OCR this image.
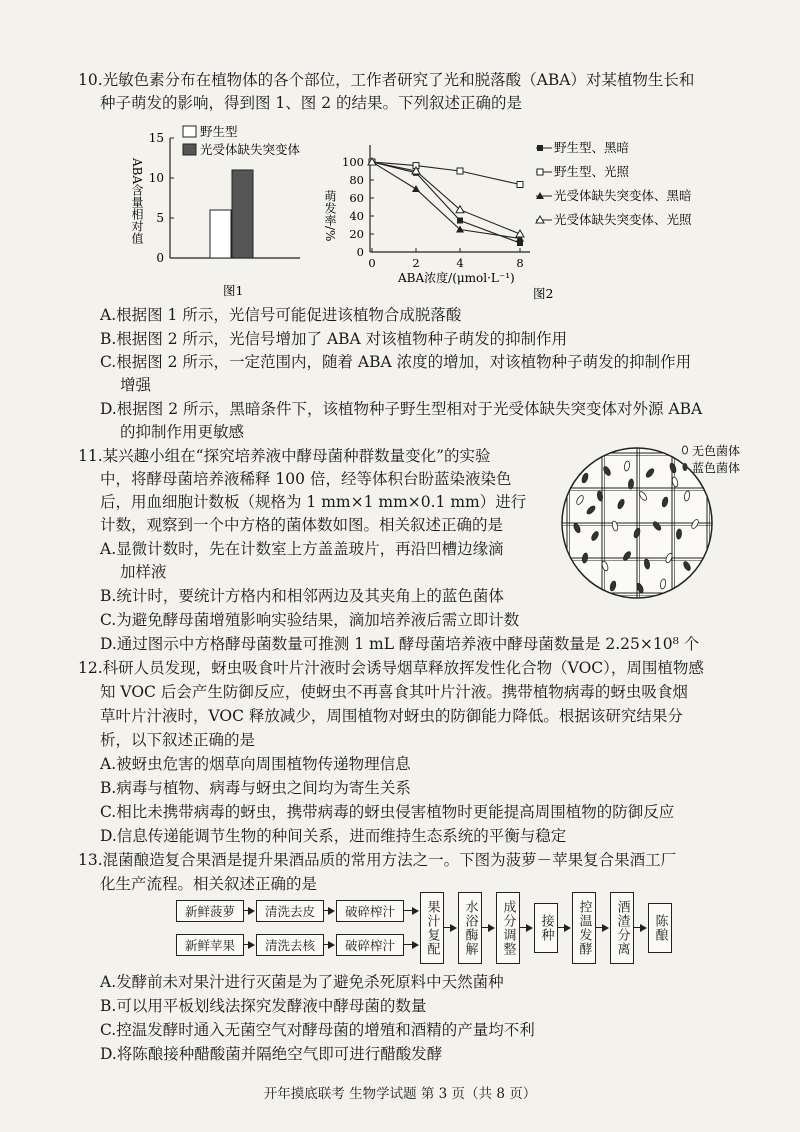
10.光敏色素分布在植物体的各个部位，工作者研究了光和脱落酸（ABA）对某植物生长和
种子萌发的影响，得到图 1、图 2 的结果。下列叙述正确的是
ABA含量相对值
0
5
10
15	野生型
光受体缺失突变体
图1
萌发率/%
0
20
40
60
80
100
0	2	4	8
ABA浓度/(μmol·L⁻¹)
图2
野生型、黑暗
野生型、光照
光受体缺失突变体、黑暗
光受体缺失突变体、光照
A.根据图 1 所示，光信号可能促进该植物合成脱落酸
B.根据图 2 所示，光信号增加了 ABA 对该植物种子萌发的抑制作用
C.根据图 2 所示，一定范围内，随着 ABA 浓度的增加，对该植物种子萌发的抑制作用
增强
D.根据图 2 所示，黑暗条件下，该植物种子野生型相对于光受体缺失突变体对外源 ABA
的抑制作用更敏感
11.某兴趣小组在“探究培养液中酵母菌种群数量变化”的实验
中，将酵母菌培养液稀释 100 倍，经等体积台盼蓝染液染色
后，用血细胞计数板（规格为 1 mm×1 mm×0.1 mm）进行
计数，观察到一个中方格的菌体数如图。相关叙述正确的是
A.显微计数时，先在计数室上方盖盖玻片，再沿凹槽边缘滴
加样液
B.统计时，要统计方格内和相邻两边及其夹角上的蓝色菌体
C.为避免酵母菌增殖影响实验结果，滴加培养液后需立即计数
D.通过图示中方格酵母菌数量可推测 1 mL 酵母菌培养液中酵母菌数量是 2.25×10⁸ 个
无色菌体
蓝色菌体
12.科研人员发现，蚜虫吸食叶片汁液时会诱导烟草释放挥发性化合物（VOC），周围植物感
知 VOC 后会产生防御反应，使蚜虫不再喜食其叶片汁液。携带植物病毒的蚜虫吸食烟
草叶片汁液时，VOC 释放减少，周围植物对蚜虫的防御能力降低。根据该研究结果分
析，以下叙述正确的是
A.被蚜虫危害的烟草向周围植物传递物理信息
B.病毒与植物、病毒与蚜虫之间均为寄生关系
C.相比未携带病毒的蚜虫，携带病毒的蚜虫侵害植物时更能提高周围植物的防御反应
D.信息传递能调节生物的种间关系，进而维持生态系统的平衡与稳定
13.混菌酿造复合果酒是提升果酒品质的常用方法之一。下图为菠萝－苹果复合果酒工厂
化生产流程。相关叙述正确的是
新鲜菠萝	清洗去皮	破碎榨汁
新鲜苹果	清洗去核	破碎榨汁	果汁复配	水浴酶解	成分调整	接种	控温发酵	酒渣分离	陈酿
A.发酵前未对果汁进行灭菌是为了避免杀死原料中天然菌种
B.可以用平板划线法探究发酵液中酵母菌的数量
C.控温发酵时通入无菌空气对酵母菌的增殖和酒精的产量均不利
D.将陈酿接种醋酸菌并隔绝空气即可进行醋酸发酵
开年摸底联考 生物学试题 第 3 页（共 8 页）
